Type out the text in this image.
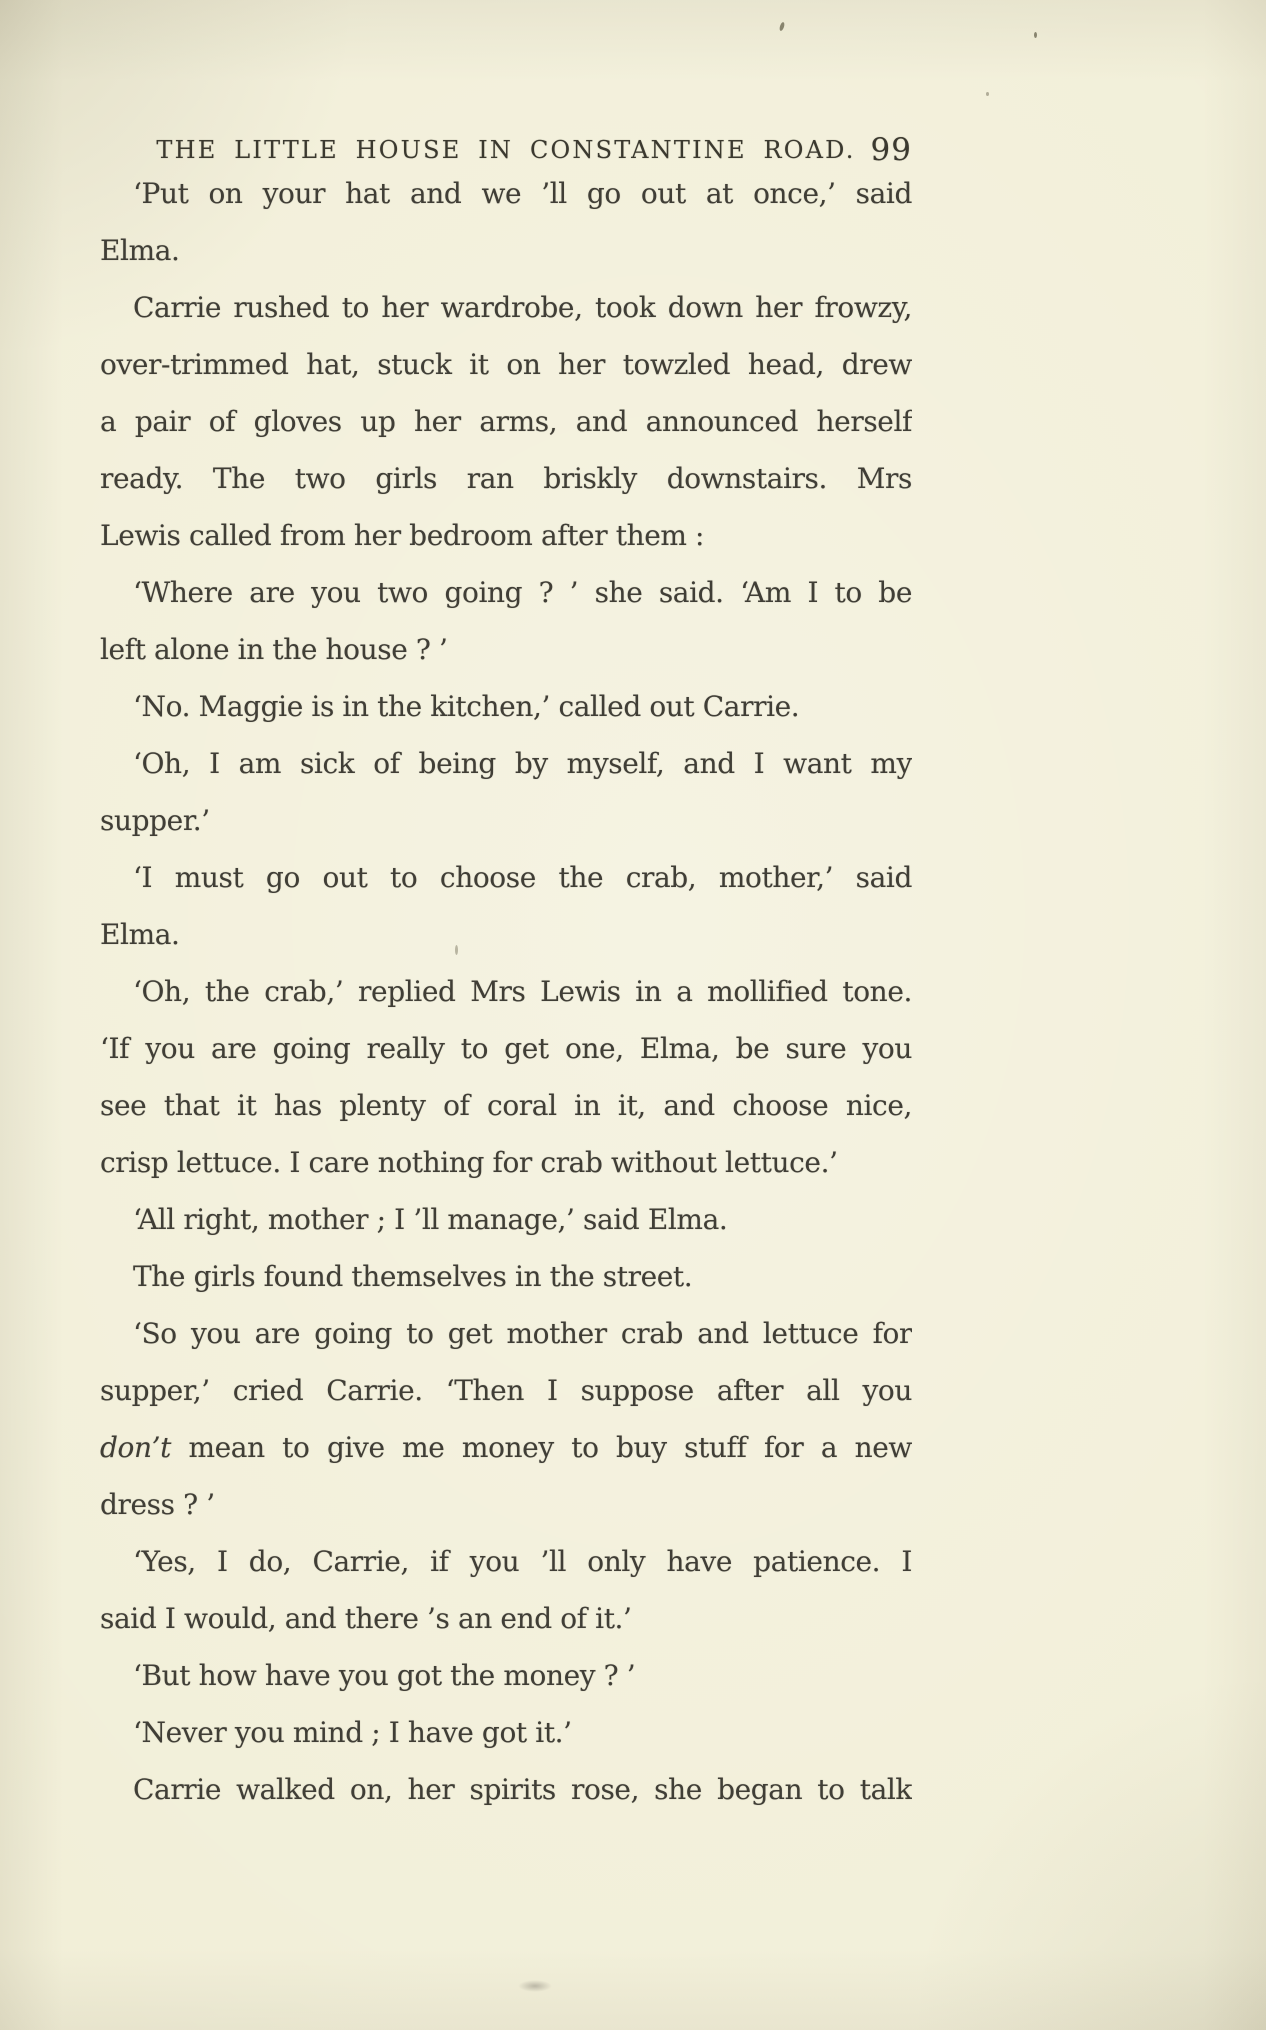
THE LITTLE HOUSE IN CONSTANTINE ROAD. 99
‘Put on your hat and we ’ll go out at once,’ said
Elma.
Carrie rushed to her wardrobe, took down her frowzy,
over-trimmed hat, stuck it on her towzled head, drew
a pair of gloves up her arms, and announced herself
ready. The two girls ran briskly downstairs. Mrs
Lewis called from her bedroom after them :
‘Where are you two going ? ’ she said. ‘Am I to be
left alone in the house ? ’
‘No. Maggie is in the kitchen,’ called out Carrie.
‘Oh, I am sick of being by myself, and I want my
supper.’
‘I must go out to choose the crab, mother,’ said
Elma.
‘Oh, the crab,’ replied Mrs Lewis in a mollified tone.
‘If you are going really to get one, Elma, be sure you
see that it has plenty of coral in it, and choose nice,
crisp lettuce. I care nothing for crab without lettuce.’
‘All right, mother ; I ’ll manage,’ said Elma.
The girls found themselves in the street.
‘So you are going to get mother crab and lettuce for
supper,’ cried Carrie. ‘Then I suppose after all you
don’t mean to give me money to buy stuff for a new
dress ? ’
‘Yes, I do, Carrie, if you ’ll only have patience. I
said I would, and there ’s an end of it.’
‘But how have you got the money ? ’
‘Never you mind ; I have got it.’
Carrie walked on, her spirits rose, she began to talk
